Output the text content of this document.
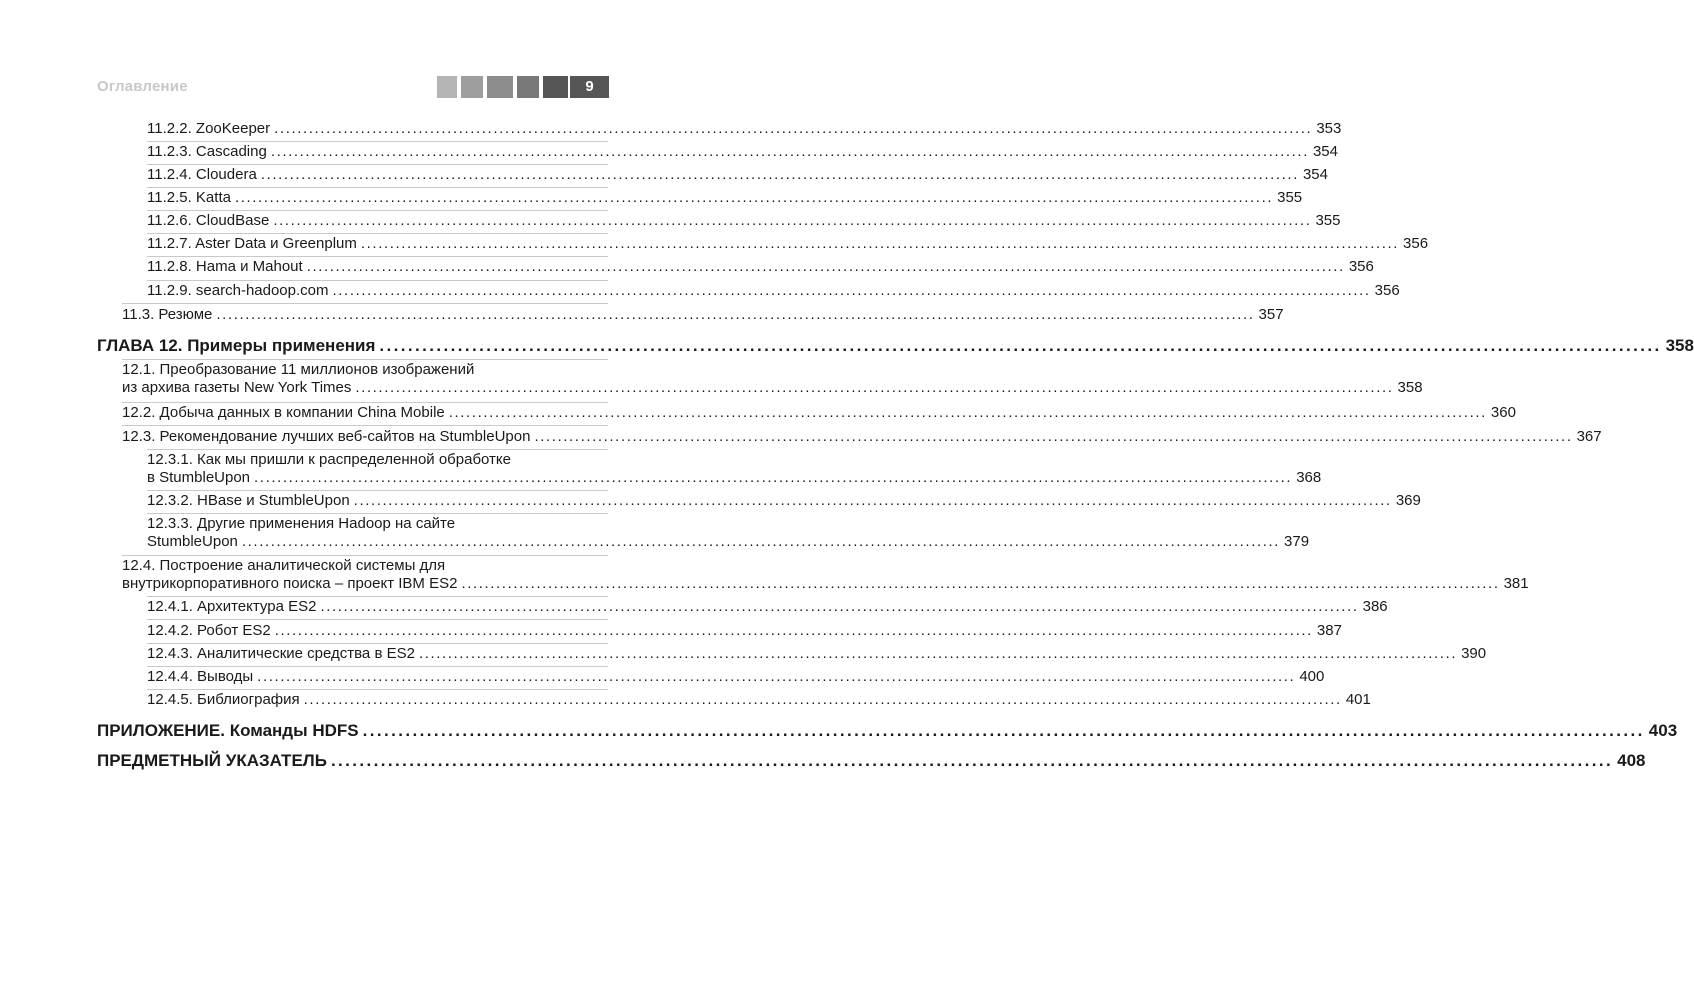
Оглавление	9
11.2.2. ZooKeeper .................................................................................................................................................................................... 353
11.2.3. Cascading .................................................................................................................................................................................... 354
11.2.4. Cloudera .................................................................................................................................................................................... 354
11.2.5. Katta .................................................................................................................................................................................... 355
11.2.6. CloudBase .................................................................................................................................................................................... 355
11.2.7. Aster Data и Greenplum .................................................................................................................................................................................... 356
11.2.8. Hama и Mahout .................................................................................................................................................................................... 356
11.2.9. search-hadoop.com .................................................................................................................................................................................... 356
11.3. Резюме .................................................................................................................................................................................... 357
ГЛАВА 12. Примеры применения .................................................................................................................................................................................... 358
12.1. Преобразование 11 миллионов изображений
из архива газеты New York Times .................................................................................................................................................................................... 358
12.2. Добыча данных в компании China Mobile .................................................................................................................................................................................... 360
12.3. Рекомендование лучших веб-сайтов на StumbleUpon .................................................................................................................................................................................... 367
12.3.1. Как мы пришли к распределенной обработке
в StumbleUpon .................................................................................................................................................................................... 368
12.3.2. HBase и StumbleUpon .................................................................................................................................................................................... 369
12.3.3. Другие применения Hadoop на сайте
StumbleUpon .................................................................................................................................................................................... 379
12.4. Построение аналитической системы для
внутрикорпоративного поиска – проект IBM ES2 .................................................................................................................................................................................... 381
12.4.1. Архитектура ES2 .................................................................................................................................................................................... 386
12.4.2. Робот ES2 .................................................................................................................................................................................... 387
12.4.3. Аналитические средства в ES2 .................................................................................................................................................................................... 390
12.4.4. Выводы .................................................................................................................................................................................... 400
12.4.5. Библиография .................................................................................................................................................................................... 401
ПРИЛОЖЕНИЕ. Команды HDFS .................................................................................................................................................................................... 403
ПРЕДМЕТНЫЙ УКАЗАТЕЛЬ .................................................................................................................................................................................... 408
